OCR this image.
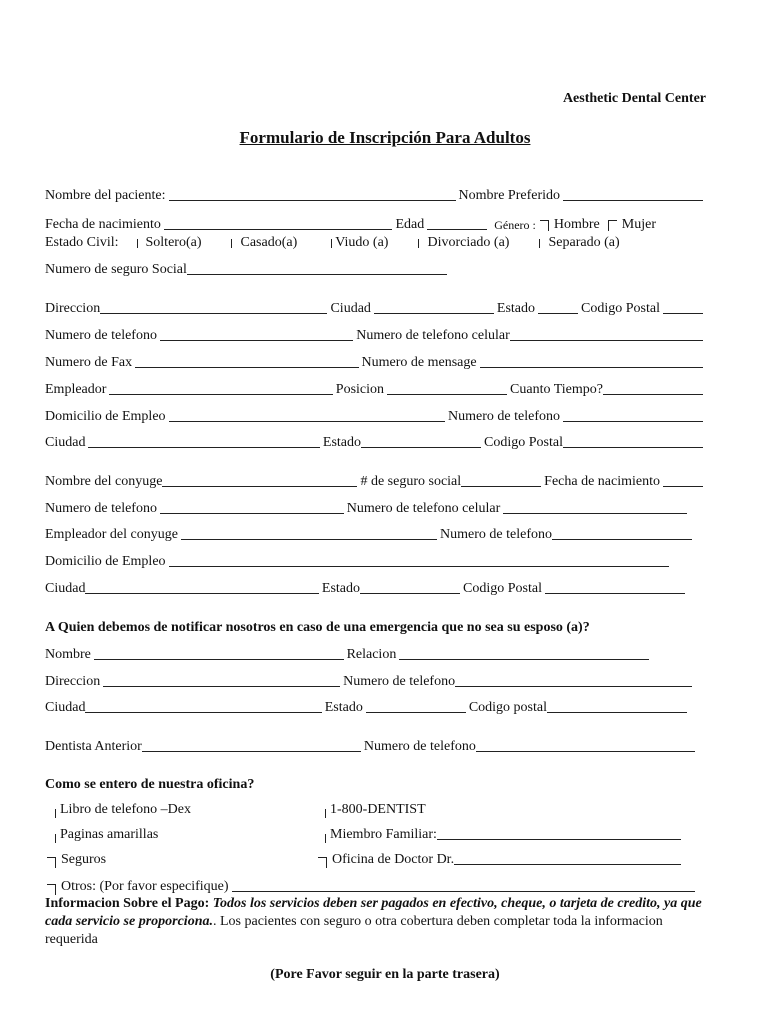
Aesthetic Dental Center
Formulario de Inscripción Para Adultos
Nombre del paciente:	Nombre Preferido
Fecha de nacimiento	Edad	Género : Hombre Mujer
Estado Civil: Soltero(a)	Casado(a)	Viudo (a)	Divorciado (a)	Separado (a)
Numero de seguro Social
Direccion	Ciudad	Estado	Codigo Postal
Numero de telefono	Numero de telefono celular
Numero de Fax	Numero de mensage
Empleador	Posicion	Cuanto Tiempo?
Domicilio de Empleo	Numero de telefono
Ciudad	Estado	Codigo Postal
Nombre del conyuge	# de seguro social	Fecha de nacimiento
Numero de telefono	Numero de telefono celular
Empleador del conyuge	Numero de telefono
Domicilio de Empleo
Ciudad	Estado	Codigo Postal
A Quien debemos de notificar nosotros en caso de una emergencia que no sea su esposo (a)?
Nombre	Relacion
Direccion	Numero de telefono
Ciudad	Estado	Codigo postal
Dentista Anterior	Numero de telefono
Como se entero de nuestra oficina?
Libro de telefono –Dex	1-800-DENTIST
Paginas amarillas	Miembro Familiar:
Seguros	Oficina de Doctor Dr.
Otros: (Por favor especifique)
Informacion Sobre el Pago: Todos los servicios deben ser pagados en efectivo, cheque, o tarjeta de credito, ya que cada servicio se proporciona.. Los pacientes con seguro o otra cobertura deben completar toda la informacion requerida
(Pore Favor seguir en la parte trasera)
